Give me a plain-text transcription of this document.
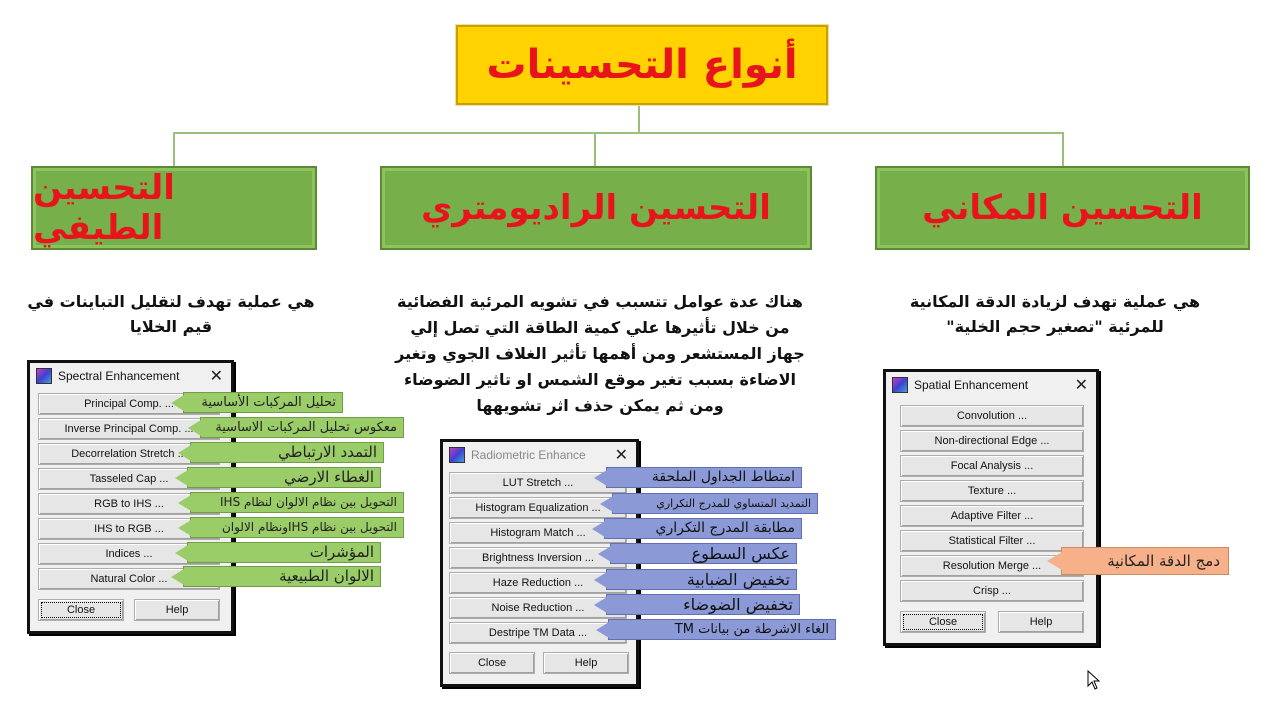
أنواع التحسينات
التحسين الطيفي	التحسين الراديومتري	التحسين المكاني
هي عملية تهدف لتقليل التباينات في قيم الخلايا
هناك عدة عوامل تتسبب في تشويه المرئية الفضائية من خلال تأثيرها علي كمية الطاقة التي تصل إلي جهاز المستشعر ومن أهمها تأثير الغلاف الجوي وتغير الاضاءة بسبب تغير موقع الشمس او تاثير الضوضاء ومن ثم يمكن حذف اثر تشويهها
هي عملية تهدف لزيادة الدقة المكانية للمرئية "تصغير حجم الخلية"
Spectral Enhancement ✕
Principal Comp. ...
Inverse Principal Comp. ...
Decorrelation Stretch ...
Tasseled Cap ...
RGB to IHS ...
IHS to RGB ...
Indices ...
Natural Color ...
Close	Help
تحليل المركبات الأساسية
معكوس تحليل المركبات الاساسية
التمدد الارتباطي
الغطاء الارضي
التحويل بين نظام الالوان لنظام IHS
التحويل بين نظام IHSونظام الالوان
المؤشرات
الالوان الطبيعية
Radiometric Enhance ✕
LUT Stretch ...
Histogram Equalization ...
Histogram Match ...
Brightness Inversion ...
Haze Reduction ...
Noise Reduction ...
Destripe TM Data ...
Close	Help
امتطاط الجداول الملحقة
التمديد المتساوي للمدرج التكراري
مطابقة المدرج التكراري
عكس السطوع
تخفيض الضبابية
تخفيض الضوضاء
الغاء الاشرطة من بيانات TM
Spatial Enhancement	✕
Convolution ...
Non-directional Edge ...
Focal Analysis ...
Texture ...
Adaptive Filter ...
Statistical Filter ...
Resolution Merge ...
Crisp ...
Close	Help
دمج الدقة المكانية
